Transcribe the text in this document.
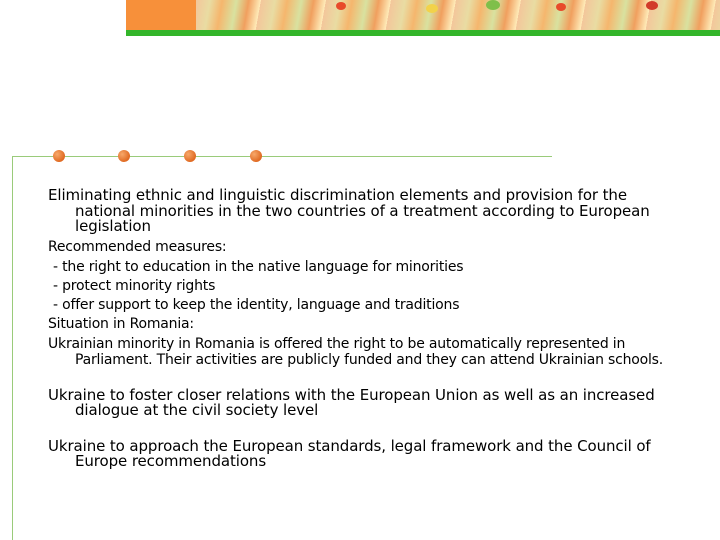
Eliminating ethnic and linguistic discrimination elements and provision for the national minorities in the two countries of a treatment according to European legislation

Recommended measures:

- the right to education in the native language for minorities

- protect minority rights

- offer support to keep the identity, language and traditions

Situation in Romania:

Ukrainian minority in Romania is offered the right to be automatically represented in Parliament. Their activities are publicly funded and they can attend Ukrainian schools.

Ukraine to foster closer relations with the European Union as well as an increased dialogue at the civil society level

Ukraine to approach the European standards, legal framework and the Council of Europe recommendations
